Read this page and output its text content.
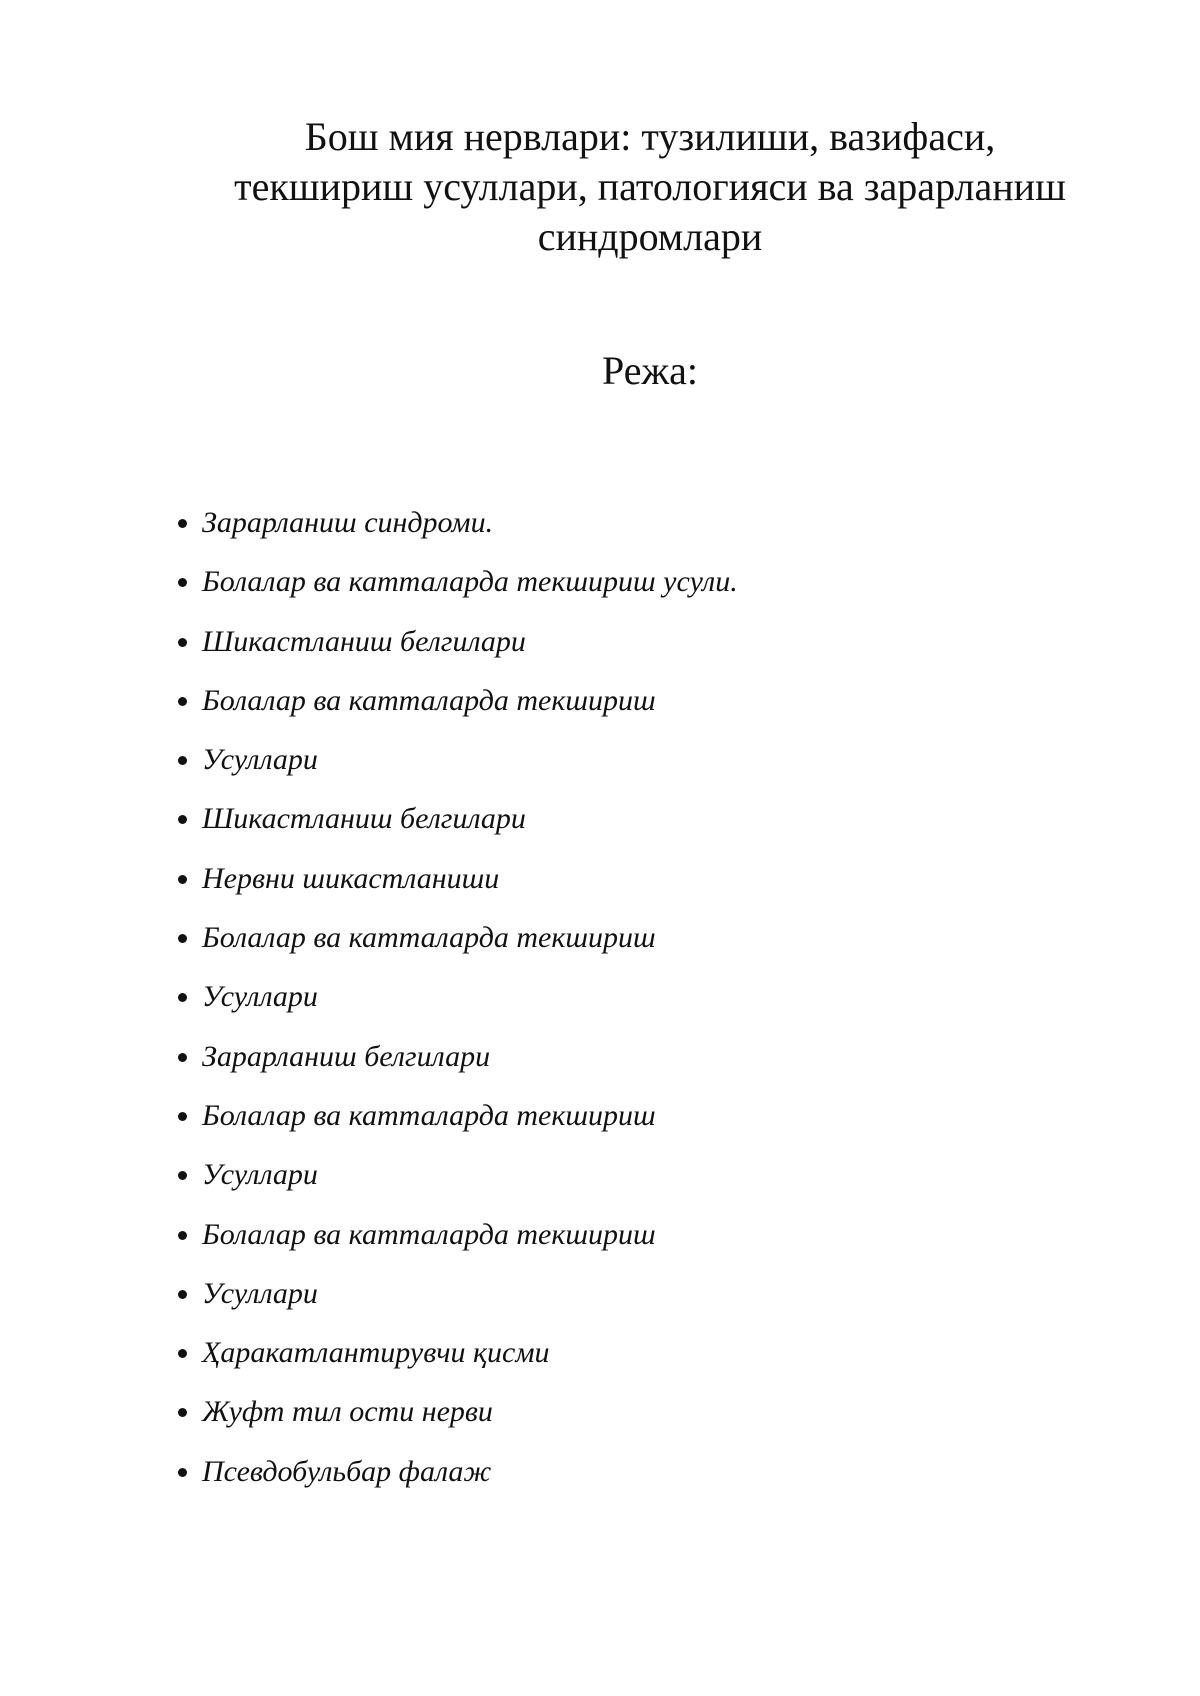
Бош мия нервлари: тузилиши, вазифаси,
текшириш усуллари, патологияси ва зарарланиш
синдромлари
Режа:
Зарарланиш синдроми.
Болалар ва катталарда текшириш усули.
Шикастланиш белгилари
Болалар ва катталарда текшириш
Усуллари
Шикастланиш белгилари
Нервни шикастланиши
Болалар ва катталарда текшириш
Усуллари
Зарарланиш белгилари
Болалар ва катталарда текшириш
Усуллари
Болалар ва катталарда текшириш
Усуллари
Ҳаракатлантирувчи қисми
Жуфт тил ости нерви
Псевдобульбар фалаж
